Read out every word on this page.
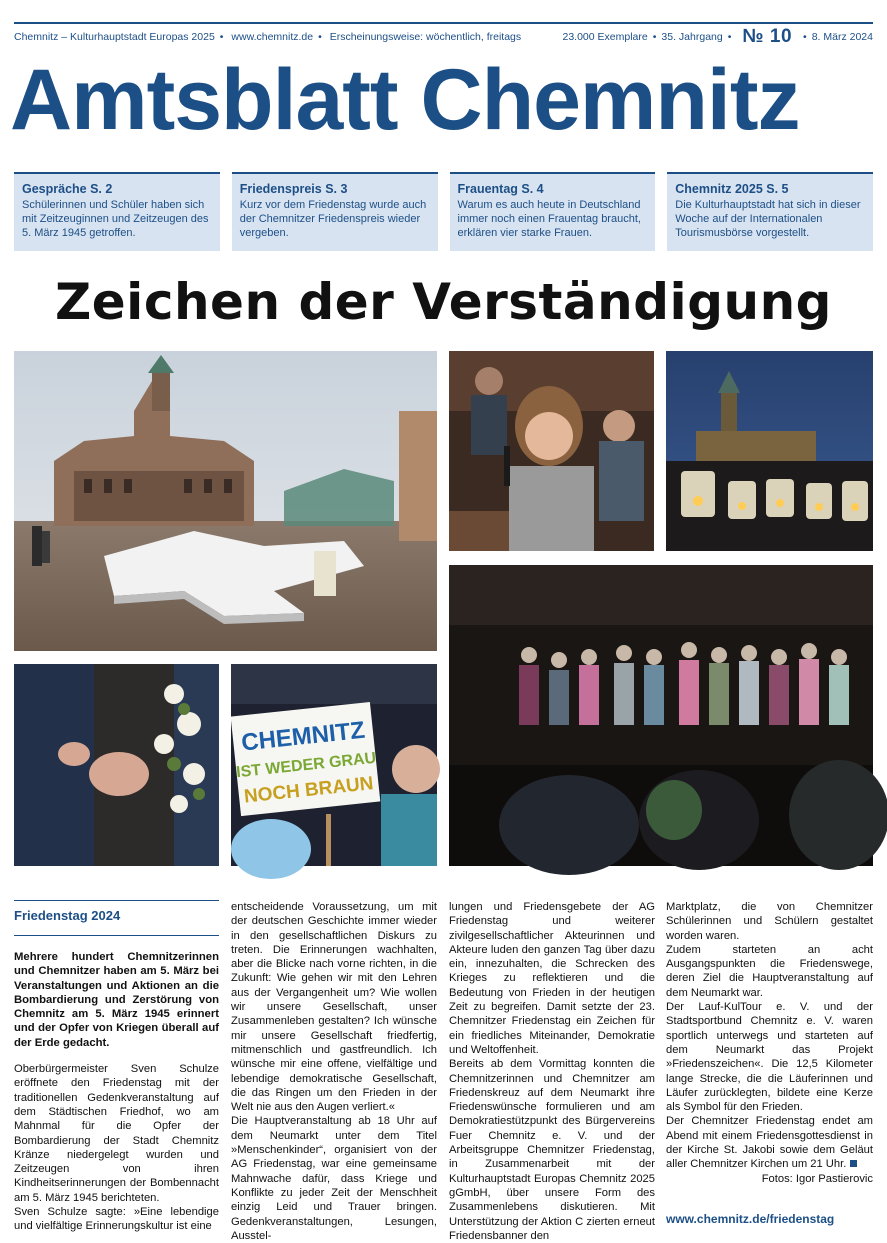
Chemnitz – Kulturhauptstadt Europas 2025 • www.chemnitz.de • Erscheinungsweise: wöchentlich, freitags	23.000 Exemplare • 35. Jahrgang • № 10 • 8. März 2024
Amtsblatt Chemnitz
Gespräche S. 2
Schülerinnen und Schüler haben sich mit Zeitzeuginnen und Zeitzeugen des 5. März 1945 getroffen.
Friedenspreis S. 3
Kurz vor dem Friedenstag wurde auch der Chemnitzer Friedenspreis wieder vergeben.
Frauentag S. 4
Warum es auch heute in Deutschland immer noch einen Frauentag braucht, erklären vier starke Frauen.
Chemnitz 2025 S. 5
Die Kulturhauptstadt hat sich in dieser Woche auf der Internationalen Tourismusbörse vorgestellt.
Zeichen der Verständigung
CHEMNITZ
IST WEDER GRAU
NOCH BRAUN
Friedenstag 2024
Mehrere hundert Chemnitzerinnen und Chemnitzer haben am 5. März bei Veranstaltungen und Aktionen an die Bombardierung und Zerstörung von Chemnitz am 5. März 1945 erinnert und der Opfer von Kriegen überall auf der Erde gedacht.
Oberbürgermeister Sven Schulze eröffnete den Friedenstag mit der traditionellen Gedenkveranstaltung auf dem Städtischen Friedhof, wo am Mahnmal für die Opfer der Bombardierung der Stadt Chemnitz Kränze niedergelegt wurden und Zeitzeugen von ihren Kindheitserinnerungen der Bombennacht am 5. März 1945 berichteten.
Sven Schulze sagte: »Eine lebendige und vielfältige Erinnerungskultur ist eine

entscheidende Voraussetzung, um mit der deutschen Geschichte immer wieder in den gesellschaftlichen Diskurs zu treten. Die Erinnerungen wachhalten, aber die Blicke nach vorne richten, in die Zukunft: Wie gehen wir mit den Lehren aus der Vergangenheit um? Wie wollen wir unsere Gesellschaft, unser Zusammenleben gestalten? Ich wünsche mir unsere Gesellschaft friedfertig, mitmenschlich und gastfreundlich. Ich wünsche mir eine offene, vielfältige und lebendige demokratische Gesellschaft, die das Ringen um den Frieden in der Welt nie aus den Augen verliert.«

Die Hauptveranstaltung ab 18 Uhr auf dem Neumarkt unter dem Titel »Menschenkinder“, organisiert von der AG Friedenstag, war eine gemeinsame Mahnwache dafür, dass Kriege und Konflikte zu jeder Zeit der Menschheit einzig Leid und Trauer bringen. Gedenkveranstaltungen, Lesungen, Ausstel-

lungen und Friedensgebete der AG Friedenstag und weiterer zivilgesellschaftlicher Akteurinnen und Akteure luden den ganzen Tag über dazu ein, innezuhalten, die Schrecken des Krieges zu reflektieren und die Bedeutung von Frieden in der heutigen Zeit zu begreifen. Damit setzte der 23. Chemnitzer Friedenstag ein Zeichen für ein friedliches Miteinander, Demokratie und Weltoffenheit.

Bereits ab dem Vormittag konnten die Chemnitzerinnen und Chemnitzer am Friedenskreuz auf dem Neumarkt ihre Friedenswünsche formulieren und am Demokratiestützpunkt des Bürgervereins Fuer Chemnitz e. V. und der Arbeitsgruppe Chemnitzer Friedenstag, in Zusammenarbeit mit der Kulturhauptstadt Europas Chemnitz 2025 gGmbH, über unsere Form des Zusammenlebens diskutieren. Mit Unterstützung der Aktion C zierten erneut Friedensbanner den

Marktplatz, die von Chemnitzer Schülerinnen und Schülern gestaltet worden waren.

Zudem starteten an acht Ausgangspunkten die Friedenswege, deren Ziel die Hauptveranstaltung auf dem Neumarkt war.

Der Lauf-KulTour e. V. und der Stadtsportbund Chemnitz e. V. waren sportlich unterwegs und starteten auf dem Neumarkt das Projekt »Friedenszeichen«. Die 12,5 Kilometer lange Strecke, die die Läuferinnen und Läufer zurücklegten, bildete eine Kerze als Symbol für den Frieden.

Der Chemnitzer Friedenstag endet am Abend mit einem Friedensgottesdienst in der Kirche St. Jakobi sowie dem Geläut aller Chemnitzer Kirchen um 21 Uhr.

Fotos: Igor Pastierovic

www.chemnitz.de/friedenstag
